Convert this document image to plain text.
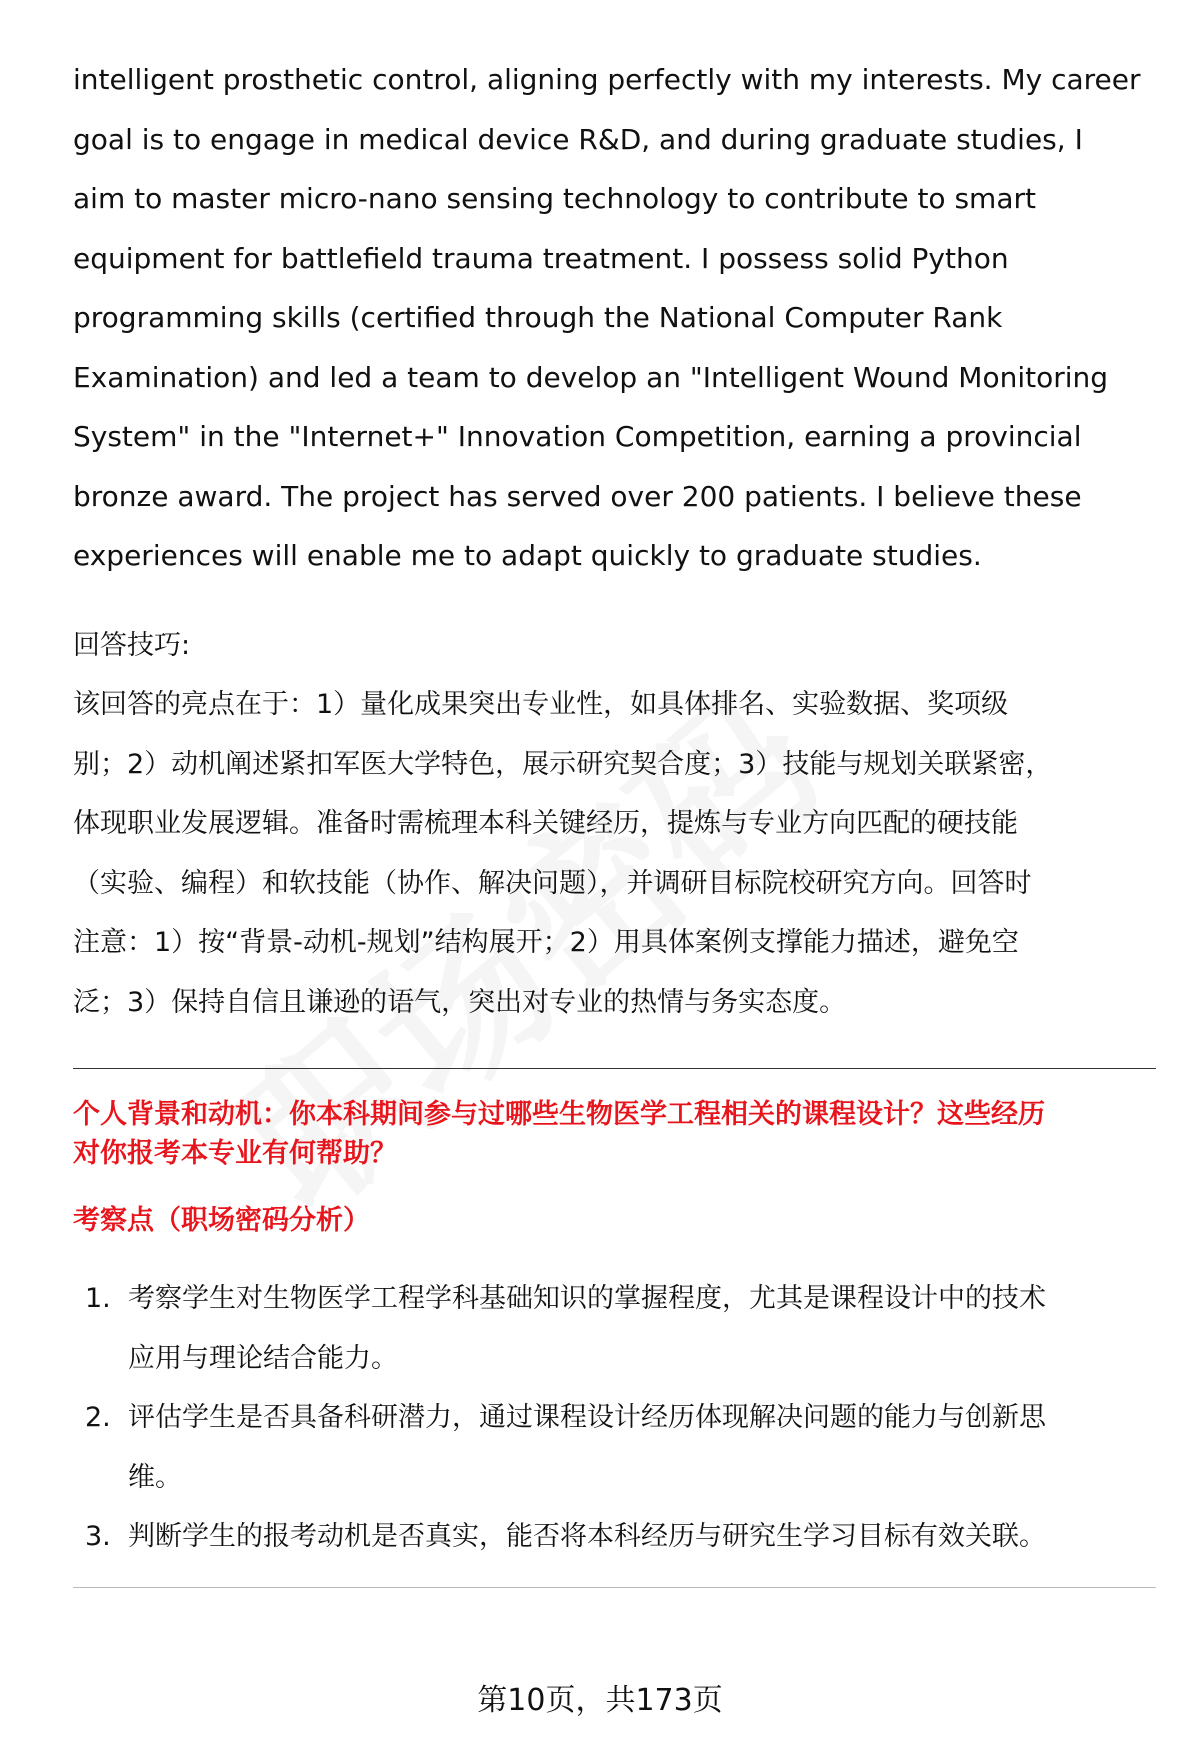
intelligent prosthetic control, aligning perfectly with my interests. My career
goal is to engage in medical device R&D, and during graduate studies, I
aim to master micro-nano sensing technology to contribute to smart
equipment for battlefield trauma treatment. I possess solid Python
programming skills (certified through the National Computer Rank
Examination) and led a team to develop an "Intelligent Wound Monitoring
System" in the "Internet+" Innovation Competition, earning a provincial
bronze award. The project has served over 200 patients. I believe these
experiences will enable me to adapt quickly to graduate studies.
回答技巧:
该回答的亮点在于：1）量化成果突出专业性，如具体排名、实验数据、奖项级
别；2）动机阐述紧扣军医大学特色，展示研究契合度；3）技能与规划关联紧密，
体现职业发展逻辑。准备时需梳理本科关键经历，提炼与专业方向匹配的硬技能
（实验、编程）和软技能（协作、解决问题），并调研目标院校研究方向。回答时
注意：1）按“背景-动机-规划”结构展开；2）用具体案例支撑能力描述，避免空
泛；3）保持自信且谦逊的语气，突出对专业的热情与务实态度。
个人背景和动机：你本科期间参与过哪些生物医学工程相关的课程设计？这些经历
对你报考本专业有何帮助？
考察点（职场密码分析）
1. 考察学生对生物医学工程学科基础知识的掌握程度，尤其是课程设计中的技术
应用与理论结合能力。
2. 评估学生是否具备科研潜力，通过课程设计经历体现解决问题的能力与创新思
维。
3. 判断学生的报考动机是否真实，能否将本科经历与研究生学习目标有效关联。
第10页，共173页
